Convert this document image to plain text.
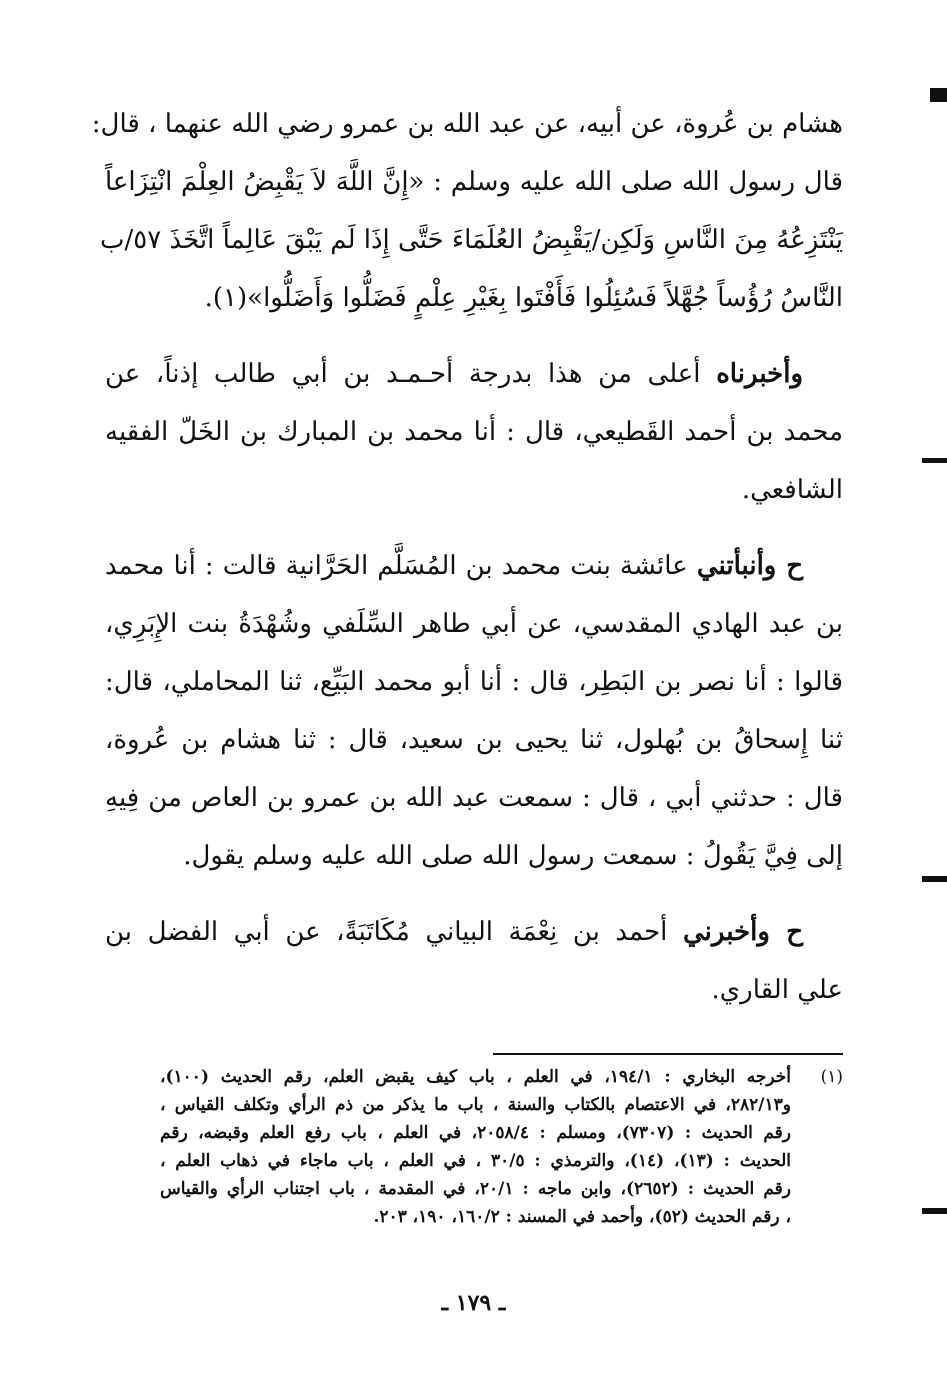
هشام بن عُروة، عن أبيه، عن عبد الله بن عمرو رضي الله عنهما ، قال:
قال رسول الله صلى الله عليه وسلم : «إِنَّ اللَّهَ لاَ يَقْبِضُ العِلْمَ انْتِزَاعاً
يَنْتَزِعُهُ مِنَ النَّاسِ وَلَكِن/يَقْبِضُ العُلَمَاءَ حَتَّى إِذَا لَم يَبْقَ عَالِماً اتَّخَذَ ٥٧/ب
النَّاسُ رُؤُساً جُهَّلاً فَسُئِلُوا فَأَفْتَوا بِغَيْرِ عِلْمٍ فَضَلُّوا وَأَضَلُّوا»(١).
وأخبرناه أعلى من هذا بدرجة أحـمـد بن أبي طالب إذناً، عن
محمد بن أحمد القَطيعي، قال : أنا محمد بن المبارك بن الخَلّ الفقيه
الشافعي.
ح وأنبأتني عائشة بنت محمد بن المُسَلَّم الحَرَّانية قالت : أنا محمد
بن عبد الهادي المقدسي، عن أبي طاهر السِّلَفي وشُهْدَةُ بنت الإِبَرِي،
قالوا : أنا نصر بن البَطِر، قال : أنا أبو محمد البَيِّع، ثنا المحاملي، قال:
ثنا إِسحاقُ بن بُهلول، ثنا يحيى بن سعيد، قال : ثنا هشام بن عُروة،
قال : حدثني أبي ، قال : سمعت عبد الله بن عمرو بن العاص من فِيهِ
إلى فِيَّ يَقُولُ : سمعت رسول الله صلى الله عليه وسلم يقول.
ح وأخبرني أحمد بن نِعْمَة البياني مُكَاتَبَةً، عن أبي الفضل بن
علي القاري.
(١)
أخرجه البخاري : ١٩٤/١، في العلم ، باب كيف يقبض العلم، رقم الحديث (١٠٠)،
و٢٨٢/١٣، في الاعتصام بالكتاب والسنة ، باب ما يذكر من ذم الرأي وتكلف القياس ،
رقم الحديث : (٧٣٠٧)، ومسلم : ٢٠٥٨/٤، في العلم ، باب رفع العلم وقبضه، رقم
الحديث : (١٣)، (١٤)، والترمذي : ٣٠/٥ ، في العلم ، باب ماجاء في ذهاب العلم ،
رقم الحديث : (٢٦٥٢)، وابن ماجه : ٢٠/١، في المقدمة ، باب اجتناب الرأي والقياس
، رقم الحديث (٥٢)، وأحمد في المسند : ١٦٠/٢، ١٩٠، ٢٠٣.
ـ ١٧٩ ـ
